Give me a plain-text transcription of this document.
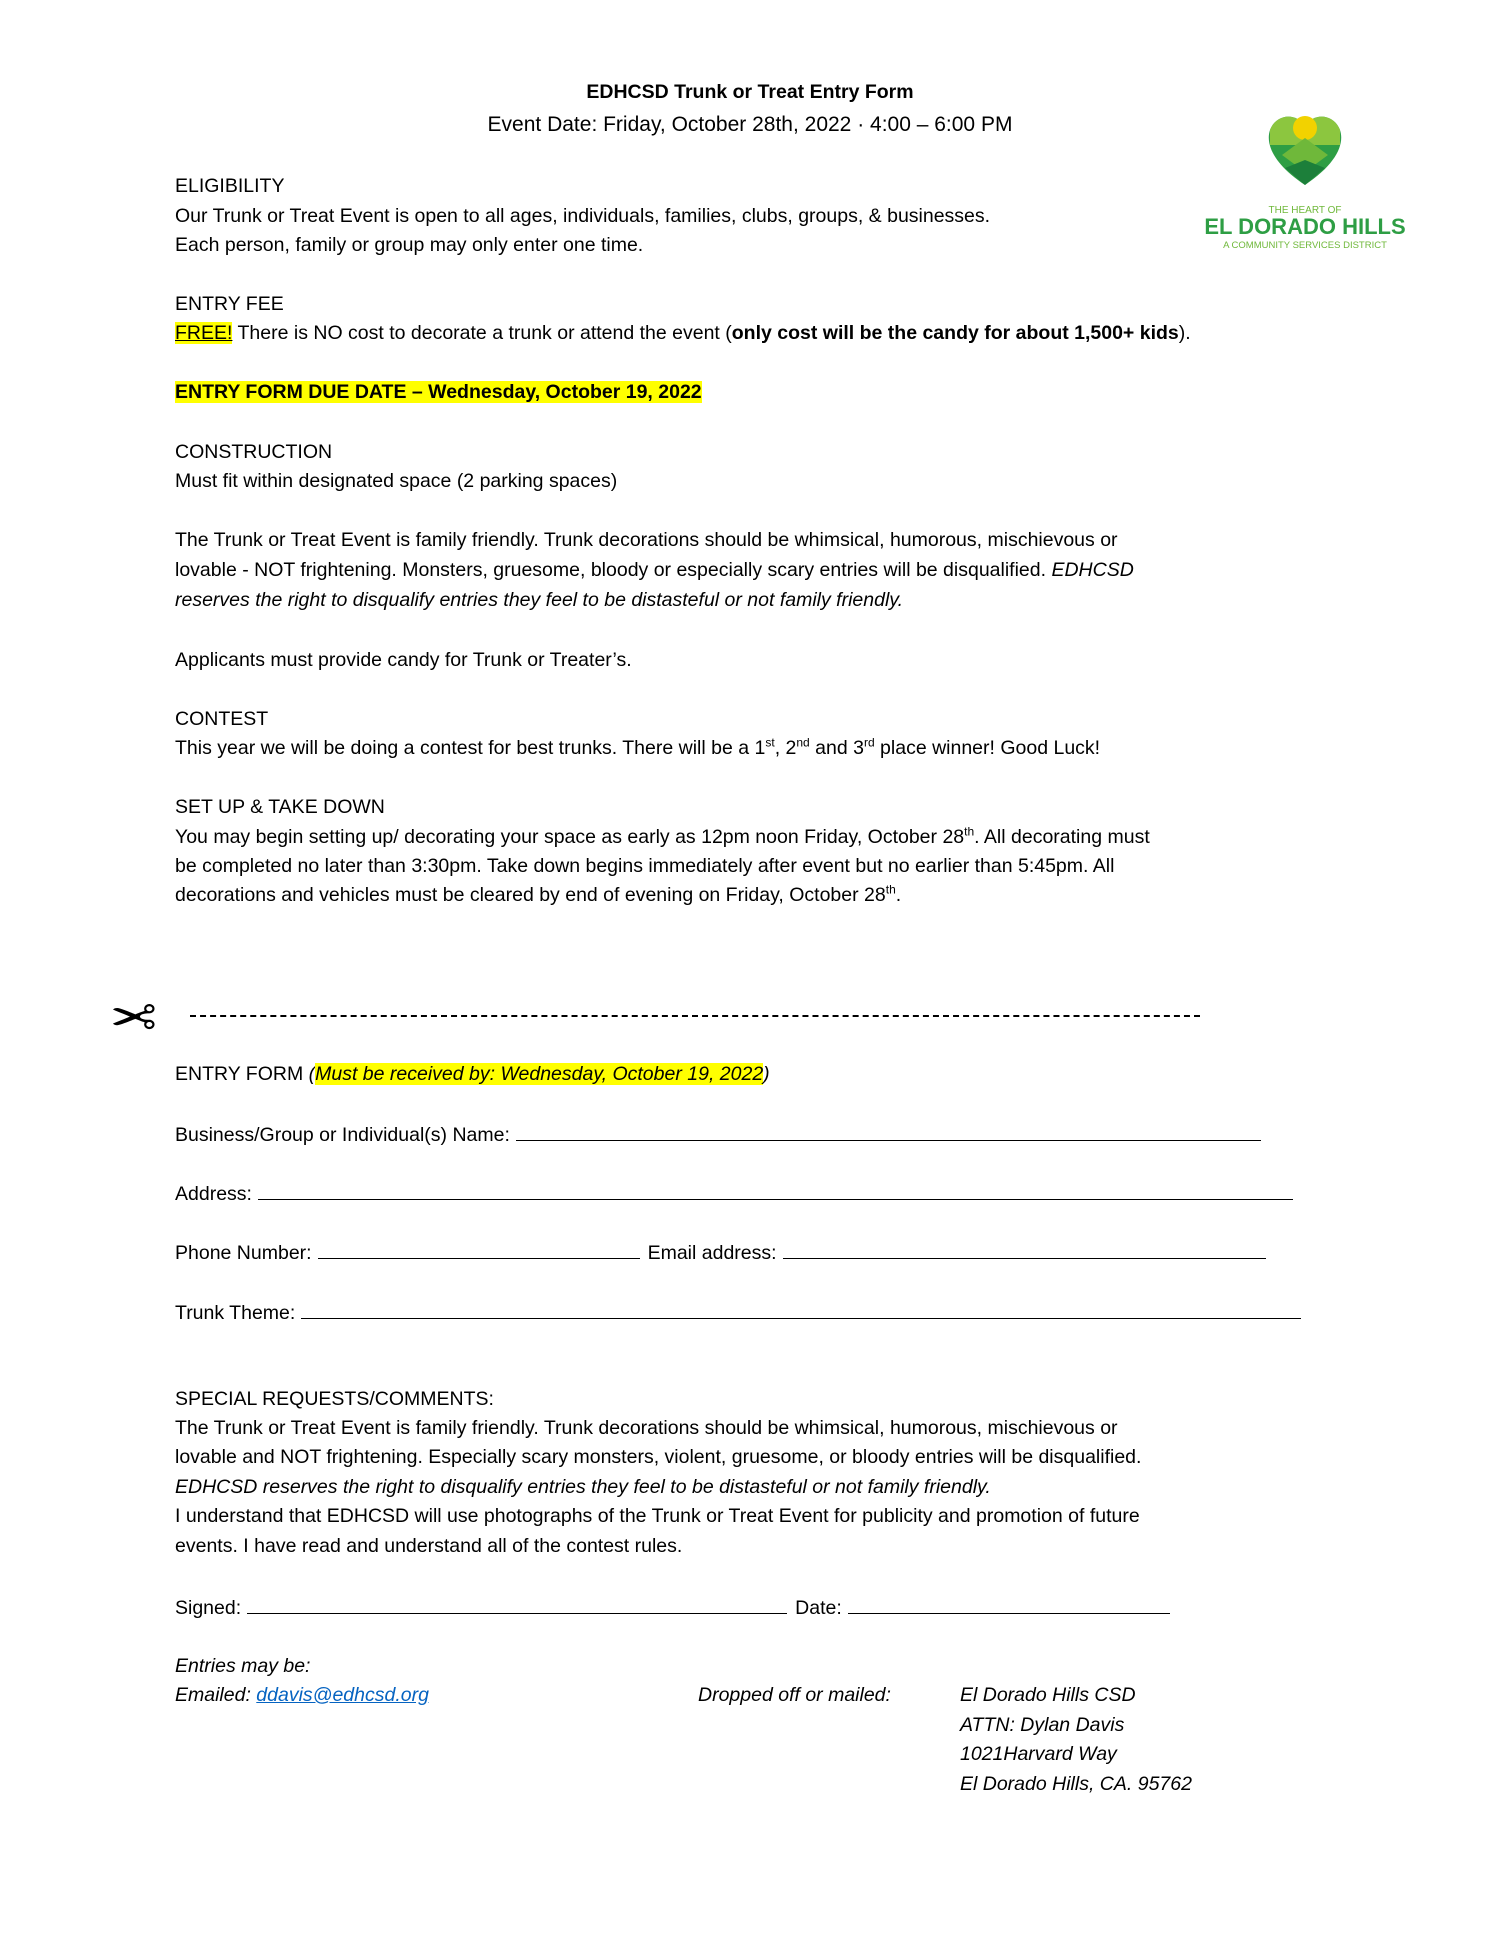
EDHCSD Trunk or Treat Entry Form
Event Date: Friday, October 28th, 2022 · 4:00 – 6:00 PM
THE HEART OF
EL DORADO HILLS
A COMMUNITY SERVICES DISTRICT
ELIGIBILITY
Our Trunk or Treat Event is open to all ages, individuals, families, clubs, groups, & businesses.
Each person, family or group may only enter one time.
ENTRY FEE
FREE! There is NO cost to decorate a trunk or attend the event (only cost will be the candy for about 1,500+ kids).
ENTRY FORM DUE DATE – Wednesday, October 19, 2022
CONSTRUCTION
Must fit within designated space (2 parking spaces)
The Trunk or Treat Event is family friendly. Trunk decorations should be whimsical, humorous, mischievous or
lovable - NOT frightening. Monsters, gruesome, bloody or especially scary entries will be disqualified. EDHCSD
reserves the right to disqualify entries they feel to be distasteful or not family friendly.
Applicants must provide candy for Trunk or Treater’s.
CONTEST
This year we will be doing a contest for best trunks. There will be a 1st, 2nd and 3rd place winner! Good Luck!
SET UP & TAKE DOWN
You may begin setting up/ decorating your space as early as 12pm noon Friday, October 28th. All decorating must
be completed no later than 3:30pm. Take down begins immediately after event but no earlier than 5:45pm. All
decorations and vehicles must be cleared by end of evening on Friday, October 28th.
✂
ENTRY FORM (Must be received by: Wednesday, October 19, 2022)
Business/Group or Individual(s) Name:
Address:
Phone Number:	Email address:
Trunk Theme:
SPECIAL REQUESTS/COMMENTS:
The Trunk or Treat Event is family friendly. Trunk decorations should be whimsical, humorous, mischievous or
lovable and NOT frightening. Especially scary monsters, violent, gruesome, or bloody entries will be disqualified.
EDHCSD reserves the right to disqualify entries they feel to be distasteful or not family friendly.
I understand that EDHCSD will use photographs of the Trunk or Treat Event for publicity and promotion of future
events. I have read and understand all of the contest rules.
Signed:	Date:
Entries may be:
Emailed: ddavis@edhcsd.org	Dropped off or mailed:	El Dorado Hills CSD
ATTN: Dylan Davis
1021Harvard Way
El Dorado Hills, CA. 95762
